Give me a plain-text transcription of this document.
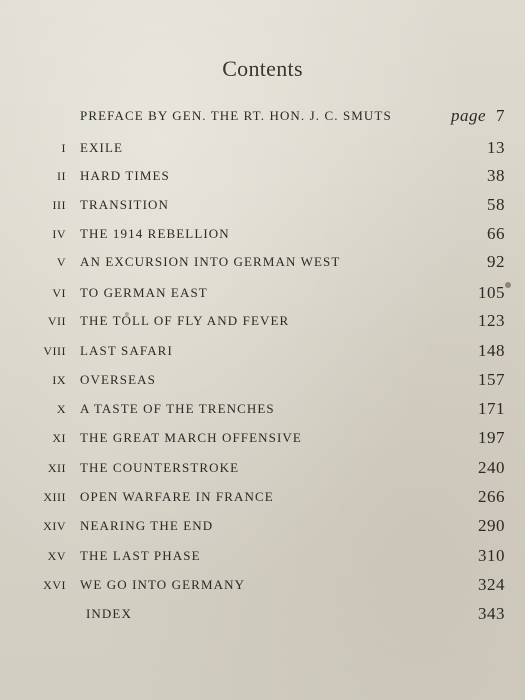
Contents
PREFACE BY GEN. THE RT. HON. J. C. SMUTS	page 7
I EXILE	13
II HARD TIMES	38
III TRANSITION	58
IV THE 1914 REBELLION	66
V AN EXCURSION INTO GERMAN WEST	92
VI TO GERMAN EAST	105
VII THE TOLL OF FLY AND FEVER	123
VIII LAST SAFARI	148
IX OVERSEAS	157
X A TASTE OF THE TRENCHES	171
XI THE GREAT MARCH OFFENSIVE	197
XII THE COUNTERSTROKE	240
XIII OPEN WARFARE IN FRANCE	266
XIV NEARING THE END	290
XV THE LAST PHASE	310
XVI WE GO INTO GERMANY	324
INDEX	343
